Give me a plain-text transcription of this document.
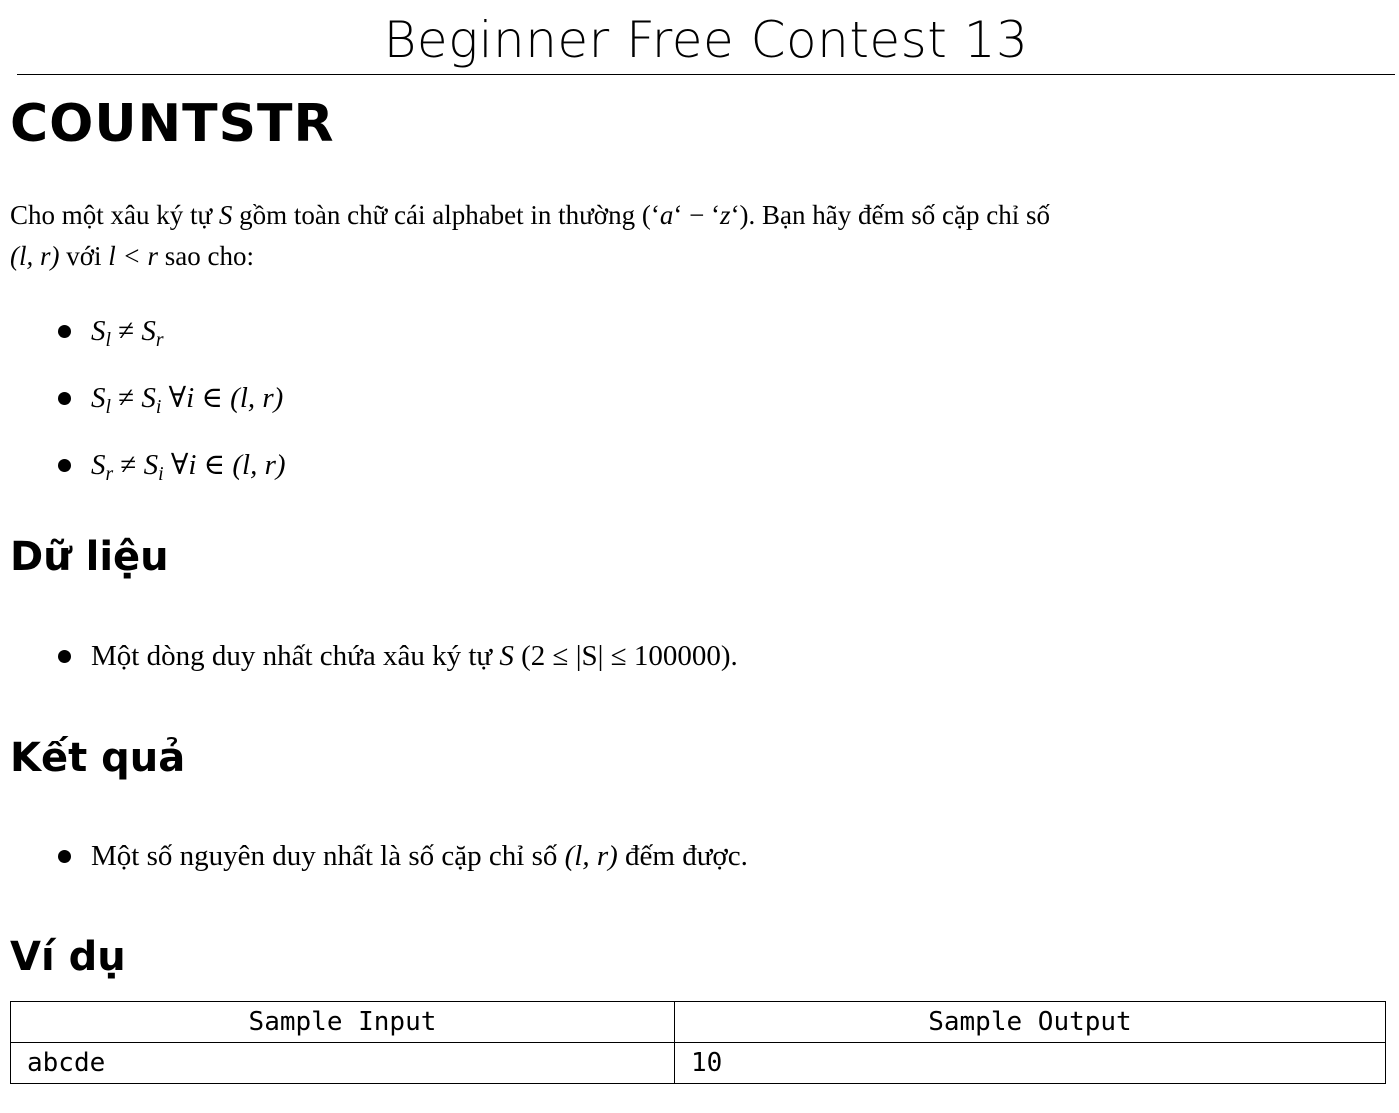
Beginner Free Contest 13
COUNTSTR
Cho một xâu ký tự S gồm toàn chữ cái alphabet in thường (‘a‘ − ‘z‘). Bạn hãy đếm số cặp chỉ số
(l, r) với l < r sao cho:
$S_l \ne S_r$
$S_l \ne S_i$ ∀i ∈ (l, r)
$S_r \ne S_i$ ∀i ∈ (l, r)
Dữ liệu
Một dòng duy nhất chứa xâu ký tự S (2 ≤ |S| ≤ 100000).
Kết quả
Một số nguyên duy nhất là số cặp chỉ số (l, r) đếm được.
Ví dụ
Sample Input	Sample Output
abcde	10
